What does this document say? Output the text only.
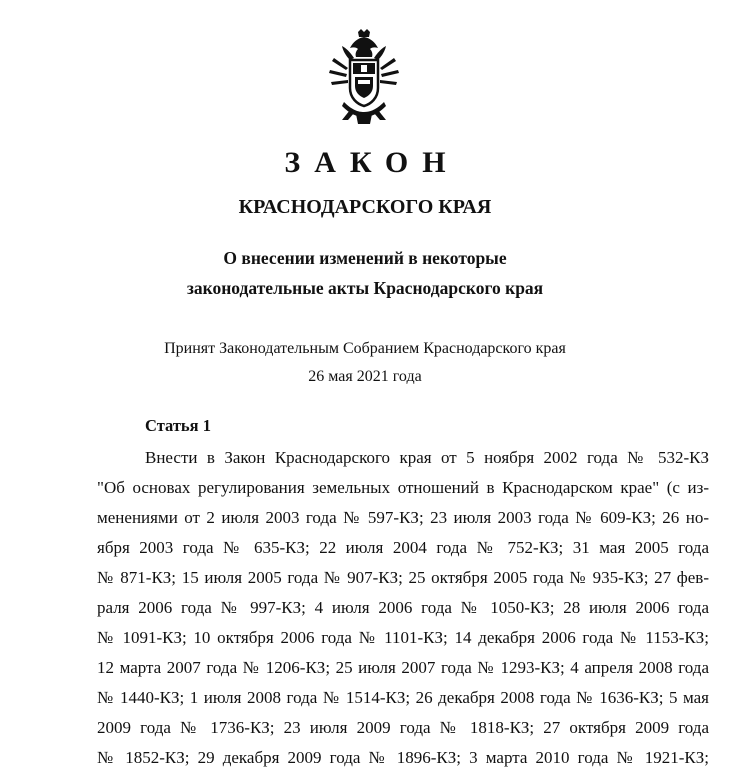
ЗАКОН
КРАСНОДАРСКОГО КРАЯ
О внесении изменений в некоторые
законодательные акты Краснодарского края
Принят Законодательным Собранием Краснодарского края
26 мая 2021 года
Статья 1
Внести в Закон Краснодарского края от 5 ноября 2002 года № 532-КЗ
"Об основах регулирования земельных отношений в Краснодарском крае" (с из-
менениями от 2 июля 2003 года № 597-КЗ; 23 июля 2003 года № 609-КЗ; 26 но-
ября 2003 года № 635-КЗ; 22 июля 2004 года № 752-КЗ; 31 мая 2005 года
№ 871-КЗ; 15 июля 2005 года № 907-КЗ; 25 октября 2005 года № 935-КЗ; 27 фев-
раля 2006 года № 997-КЗ; 4 июля 2006 года № 1050-КЗ; 28 июля 2006 года
№ 1091-КЗ; 10 октября 2006 года № 1101-КЗ; 14 декабря 2006 года № 1153-КЗ;
12 марта 2007 года № 1206-КЗ; 25 июля 2007 года № 1293-КЗ; 4 апреля 2008 года
№ 1440-КЗ; 1 июля 2008 года № 1514-КЗ; 26 декабря 2008 года № 1636-КЗ; 5 мая
2009 года № 1736-КЗ; 23 июля 2009 года № 1818-КЗ; 27 октября 2009 года
№ 1852-КЗ; 29 декабря 2009 года № 1896-КЗ; 3 марта 2010 года № 1921-КЗ;
